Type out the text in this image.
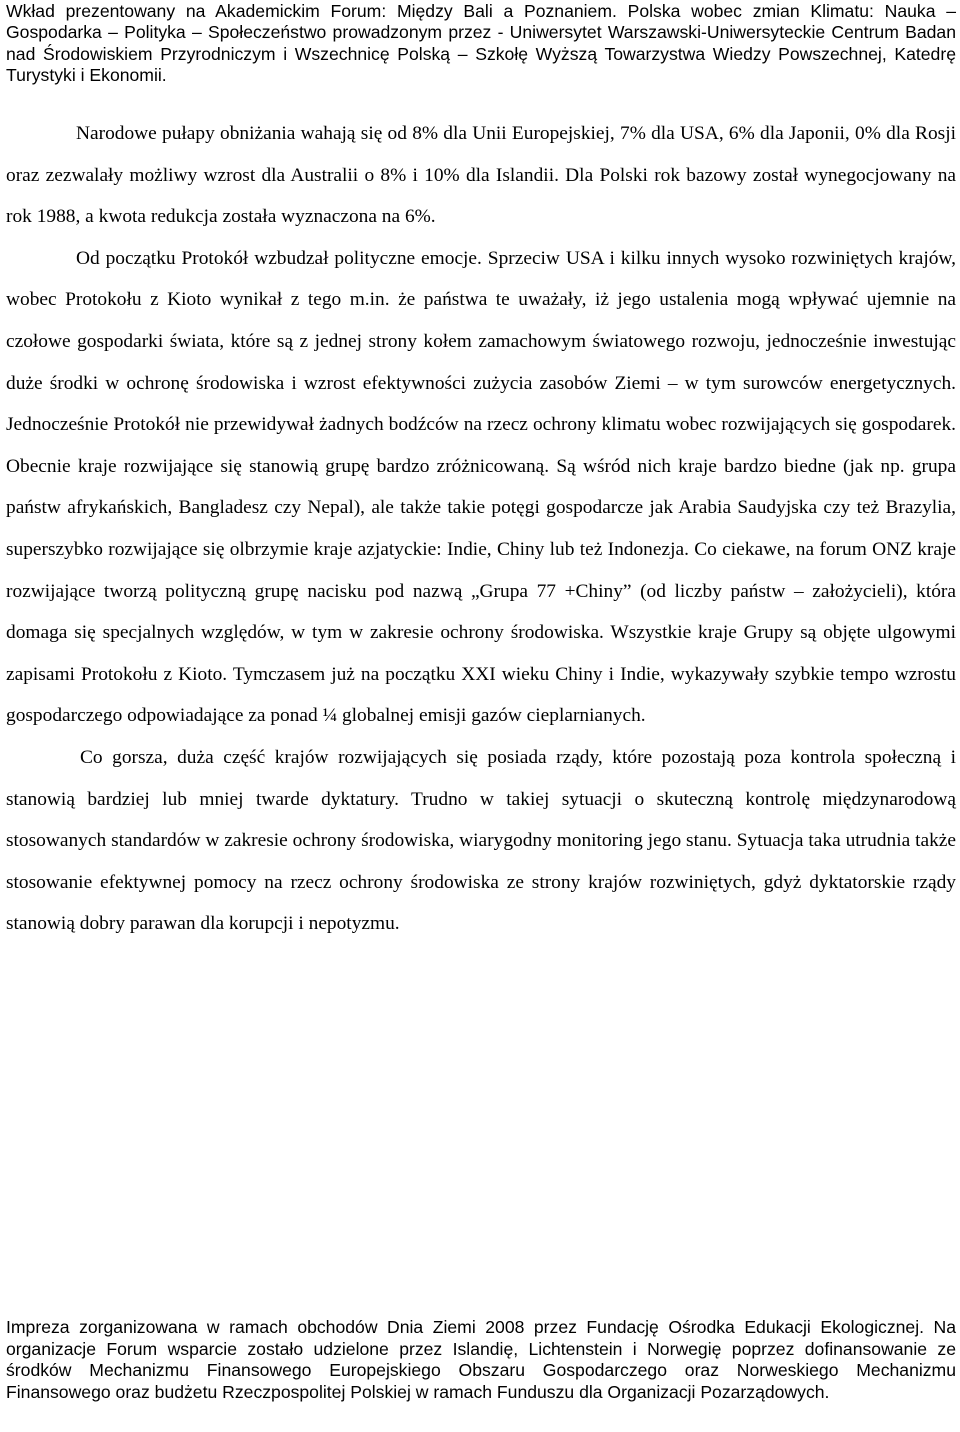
Wkład prezentowany na Akademickim Forum: Między Bali a Poznaniem. Polska wobec zmian Klimatu: Nauka – Gospodarka – Polityka – Społeczeństwo prowadzonym przez - Uniwersytet Warszawski-Uniwersyteckie Centrum Badan nad Środowiskiem Przyrodniczym i Wszechnicę Polską – Szkołę Wyższą Towarzystwa Wiedzy Powszechnej, Katedrę Turystyki i Ekonomii.

Narodowe pułapy obniżania wahają się od 8% dla Unii Europejskiej, 7% dla USA, 6% dla Japonii, 0% dla Rosji oraz zezwalały możliwy wzrost dla Australii o 8% i 10% dla Islandii. Dla Polski rok bazowy został wynegocjowany na rok 1988, a kwota redukcja została wyznaczona na 6%.

Od początku Protokół wzbudzał polityczne emocje. Sprzeciw USA i kilku innych wysoko rozwiniętych krajów, wobec Protokołu z Kioto wynikał z tego m.in. że państwa te uważały, iż jego ustalenia mogą wpływać ujemnie na czołowe gospodarki świata, które są z jednej strony kołem zamachowym światowego rozwoju, jednocześnie inwestując duże środki w ochronę środowiska i wzrost efektywności zużycia zasobów Ziemi – w tym surowców energetycznych. Jednocześnie Protokół nie przewidywał żadnych bodźców na rzecz ochrony klimatu wobec rozwijających się gospodarek. Obecnie kraje rozwijające się stanowią grupę bardzo zróżnicowaną. Są wśród nich kraje bardzo biedne (jak np. grupa państw afrykańskich, Bangladesz czy Nepal), ale także takie potęgi gospodarcze jak Arabia Saudyjska czy też Brazylia, superszybko rozwijające się olbrzymie kraje azjatyckie: Indie, Chiny lub też Indonezja. Co ciekawe, na forum ONZ kraje rozwijające tworzą polityczną grupę nacisku pod nazwą „Grupa 77 +Chiny” (od liczby państw – założycieli), która domaga się specjalnych względów, w tym w zakresie ochrony środowiska. Wszystkie kraje Grupy są objęte ulgowymi zapisami Protokołu z Kioto. Tymczasem już na początku XXI wieku Chiny i Indie, wykazywały szybkie tempo wzrostu gospodarczego odpowiadające za ponad ¼ globalnej emisji gazów cieplarnianych.

Co gorsza, duża część krajów rozwijających się posiada rządy, które pozostają poza kontrola społeczną i stanowią bardziej lub mniej twarde dyktatury. Trudno w takiej sytuacji o skuteczną kontrolę międzynarodową stosowanych standardów w zakresie ochrony środowiska, wiarygodny monitoring jego stanu. Sytuacja taka utrudnia także stosowanie efektywnej pomocy na rzecz ochrony środowiska ze strony krajów rozwiniętych, gdyż dyktatorskie rządy stanowią dobry parawan dla korupcji i nepotyzmu.

Impreza zorganizowana w ramach obchodów Dnia Ziemi 2008 przez Fundację Ośrodka Edukacji Ekologicznej. Na organizacje Forum wsparcie zostało udzielone przez Islandię, Lichtenstein i Norwegię poprzez dofinansowanie ze środków Mechanizmu Finansowego Europejskiego Obszaru Gospodarczego oraz Norweskiego Mechanizmu Finansowego oraz budżetu Rzeczpospolitej Polskiej w ramach Funduszu dla Organizacji Pozarządowych.
